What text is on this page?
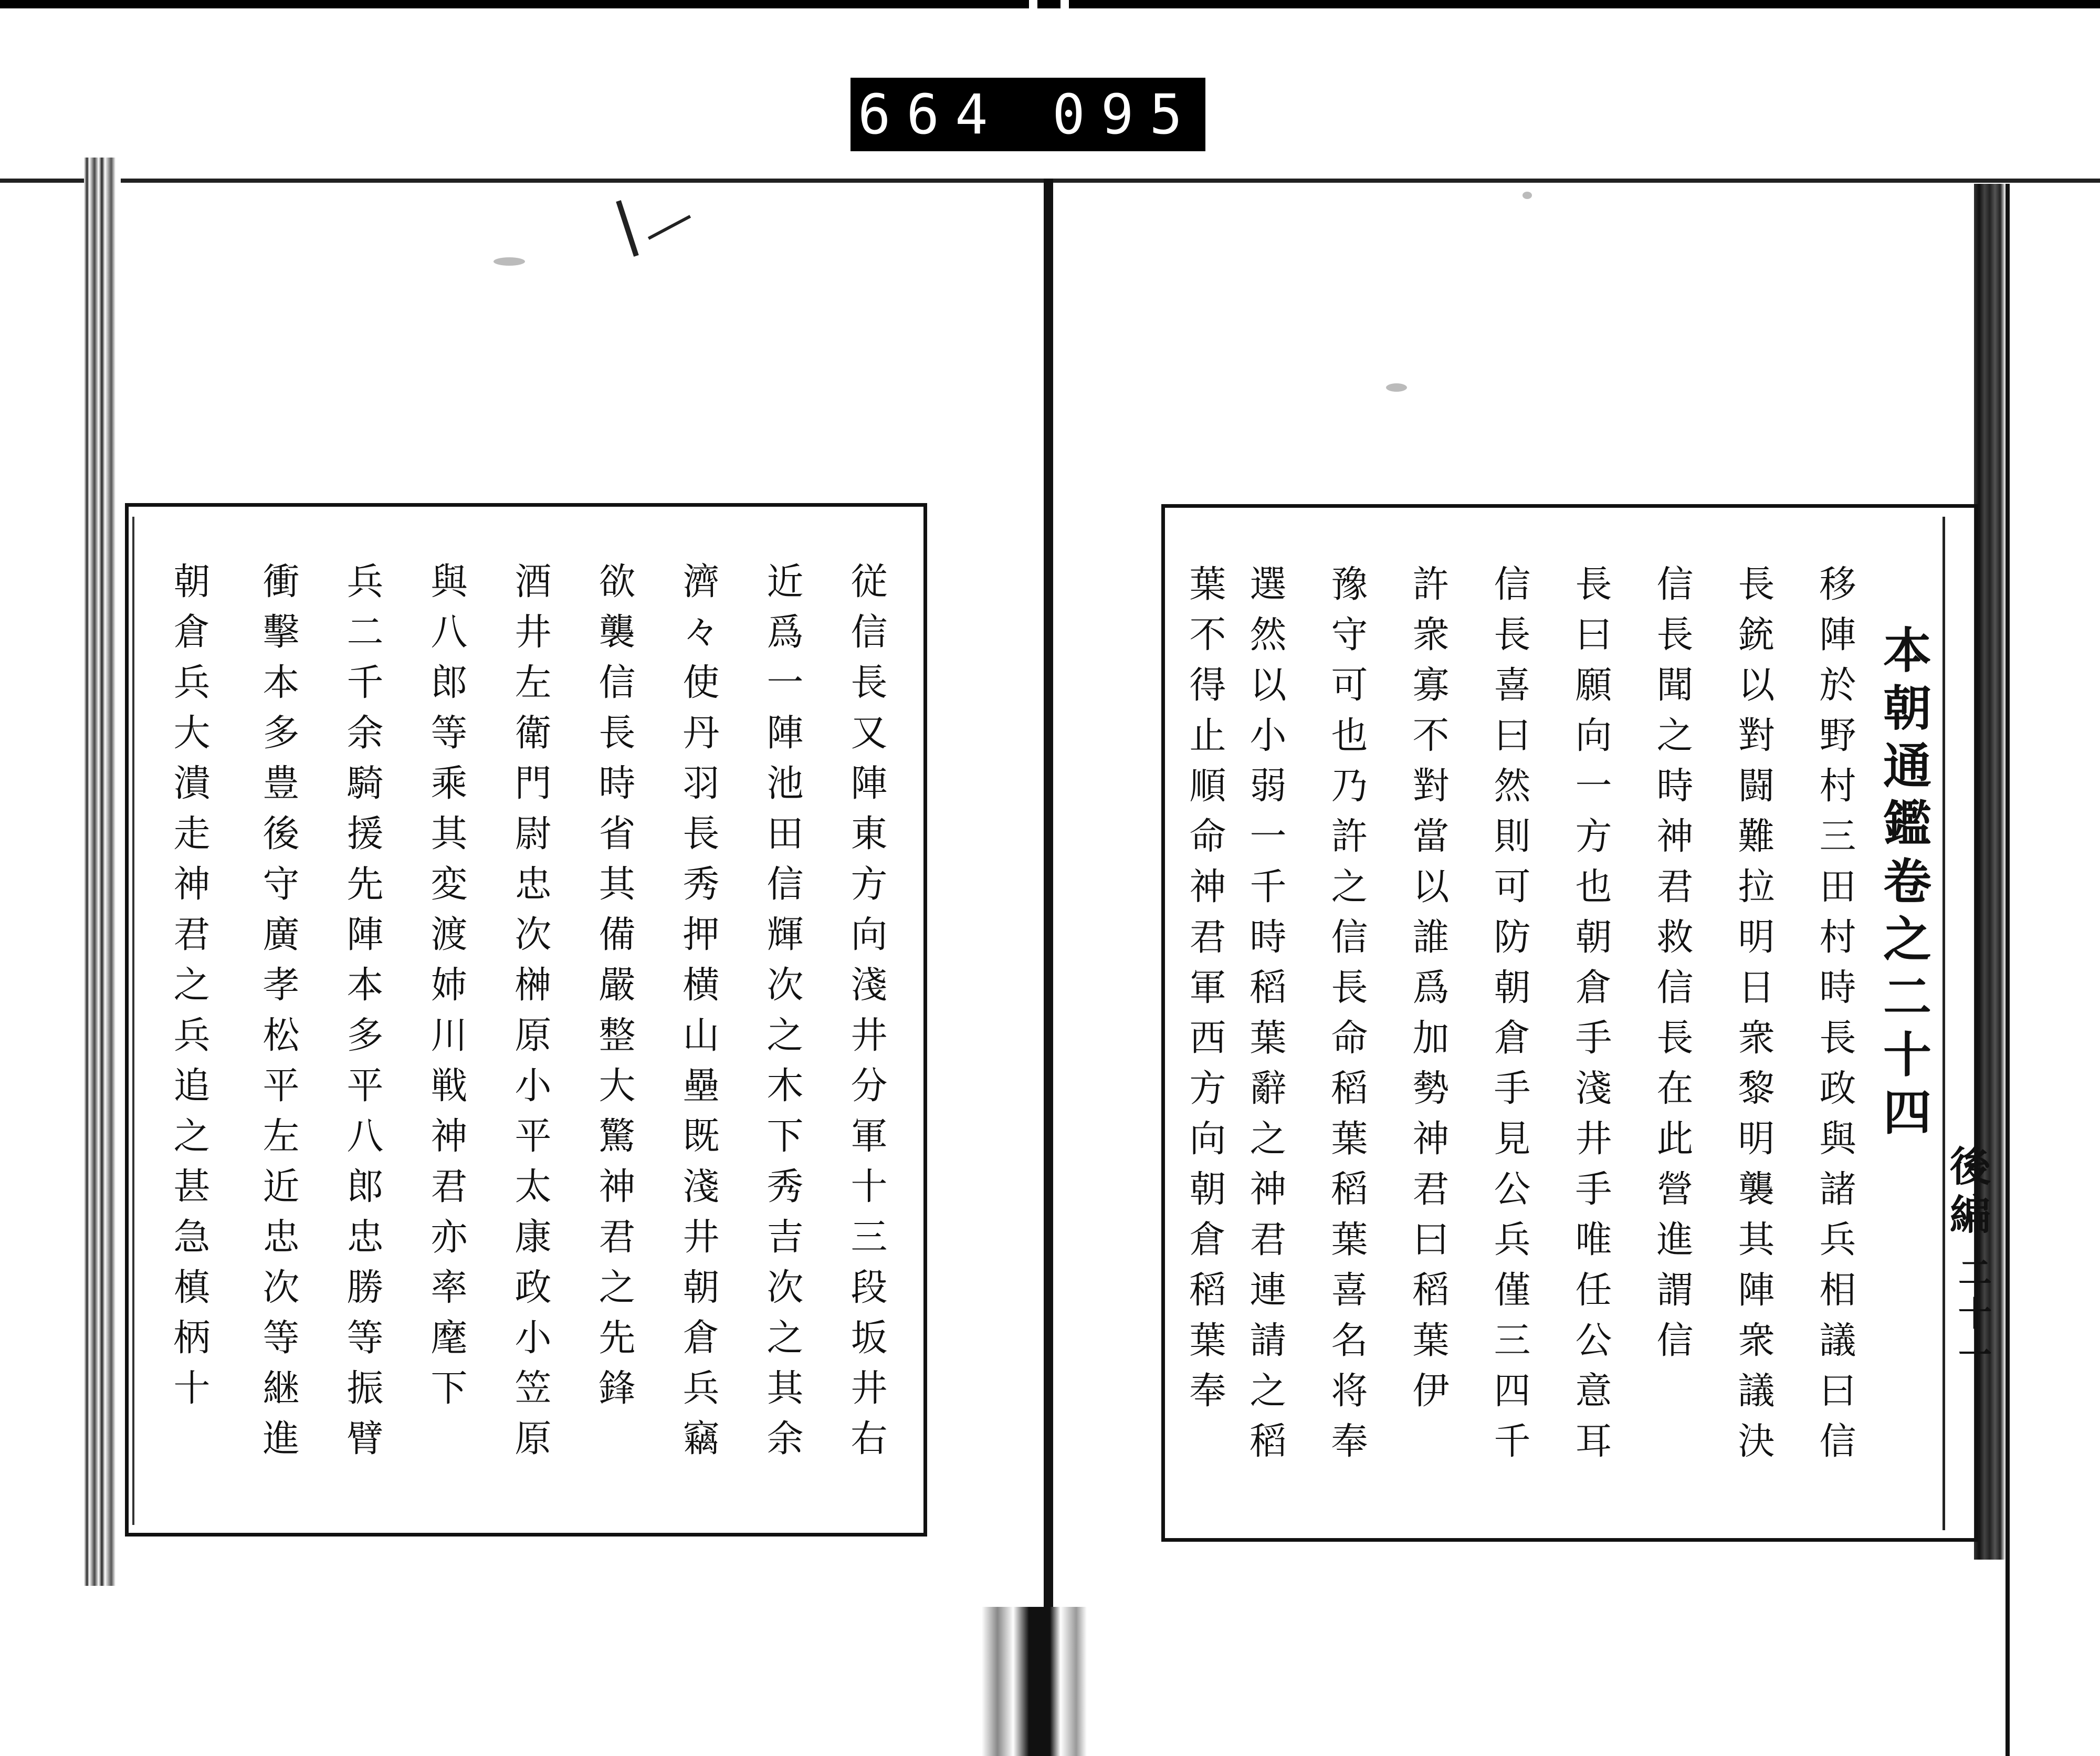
664 095
従信長又陣東方向淺井分軍十三段坂井右
近爲一陣池田信輝次之木下秀吉次之其余
濟々使丹羽長秀押横山壘既淺井朝倉兵竊
欲襲信長時省其備嚴整大驚神君之先鋒
酒井左衛門尉忠次榊原小平太康政小笠原
與八郎等乘其変渡姉川戦神君亦率麾下
兵二千余騎援先陣本多平八郎忠勝等振臂
衝擊本多豊後守廣孝松平左近忠次等継進
朝倉兵大潰走神君之兵追之甚急槙柄十	本朝通鑑卷之二十四
後編
二十一
移陣於野村三田村時長政與諸兵相議曰信
長銃以對闘難拉明日衆黎明襲其陣衆議決
信長聞之時神君救信長在此營進謂信
長曰願向一方也朝倉手淺井手唯任公意耳
信長喜曰然則可防朝倉手見公兵僅三四千
許衆寡不對當以誰爲加勢神君曰稻葉伊
豫守可也乃許之信長命稻葉稻葉喜名将奉
選然以小弱一千時稻葉辭之神君連請之稻
葉不得止順命神君軍西方向朝倉稻葉奉
